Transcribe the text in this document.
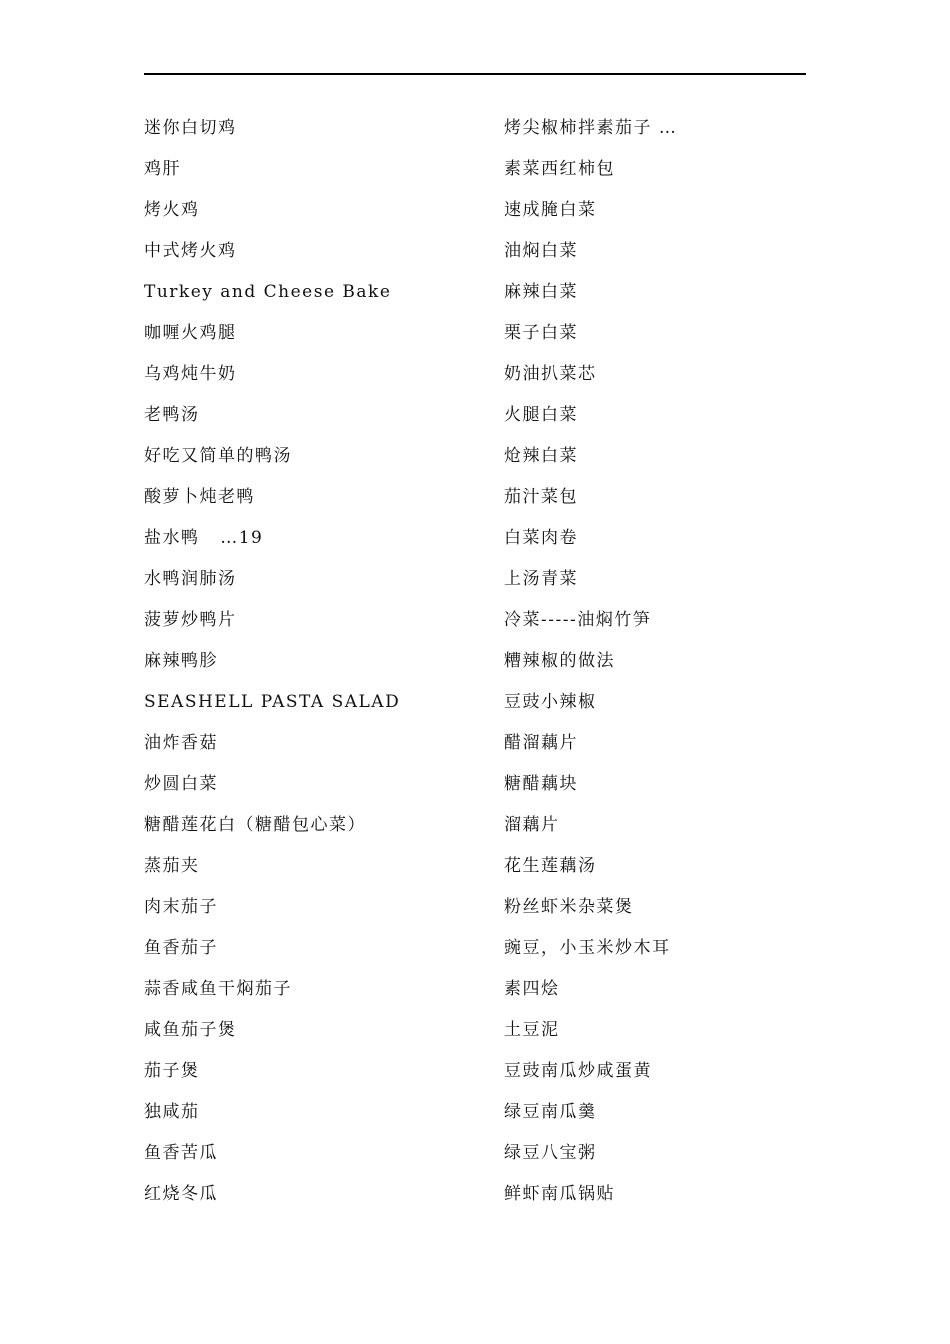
迷你白切鸡
鸡肝
烤火鸡
中式烤火鸡
Turkey and Cheese Bake
咖喱火鸡腿
乌鸡炖牛奶
老鸭汤
好吃又简单的鸭汤
酸萝卜炖老鸭
盐水鸭   …19
水鸭润肺汤
菠萝炒鸭片
麻辣鸭胗
SEASHELL PASTA SALAD
油炸香菇
炒圆白菜
糖醋莲花白（糖醋包心菜）
蒸茄夹
肉末茄子
鱼香茄子
蒜香咸鱼干焖茄子
咸鱼茄子煲
茄子煲
独咸茄
鱼香苦瓜
红烧冬瓜
烤尖椒柿拌素茄子 …
素菜西红柿包
速成腌白菜
油焖白菜
麻辣白菜
栗子白菜
奶油扒菜芯
火腿白菜
炝辣白菜
茄汁菜包
白菜肉卷
上汤青菜
冷菜-----油焖竹笋
糟辣椒的做法
豆豉小辣椒
醋溜藕片
糖醋藕块
溜藕片
花生莲藕汤
粉丝虾米杂菜煲
豌豆，小玉米炒木耳
素四烩
土豆泥
豆豉南瓜炒咸蛋黄
绿豆南瓜羹
绿豆八宝粥
鲜虾南瓜锅贴
